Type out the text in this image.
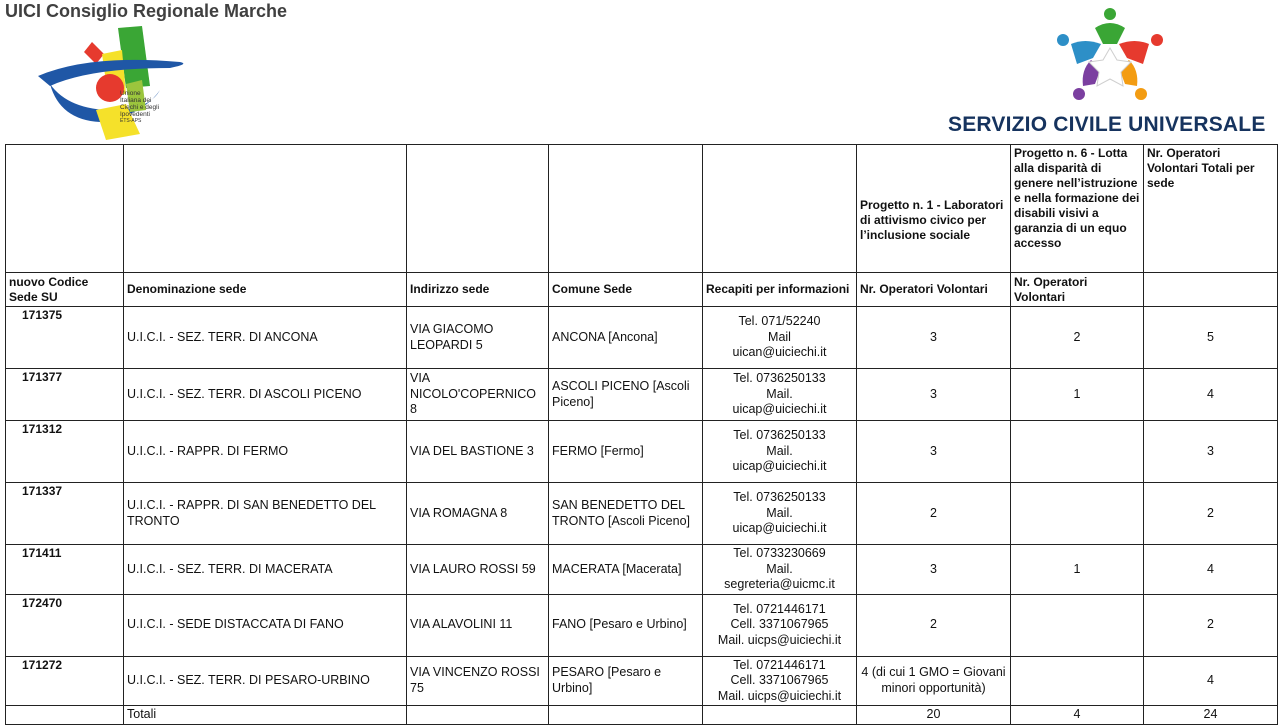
UICI Consiglio Regionale Marche
Unione
Italiana dei
Ciechi e degli
Ipovedenti
ETS-APS	SERVIZIO CIVILE UNIVERSALE
					Progetto n. 1 - Laboratori di attivismo civico per l’inclusione sociale	Progetto n. 6 - Lotta alla disparità di genere nell’istruzione e nella formazione dei disabili visivi a garanzia di un equo accesso	Nr. Operatori Volontari Totali per sede
nuovo Codice Sede SU	Denominazione sede	Indirizzo sede	Comune Sede	Recapiti per informazioni	Nr. Operatori Volontari	Nr. Operatori Volontari	
171375	U.I.C.I. - SEZ. TERR. DI ANCONA	VIA GIACOMO LEOPARDI 5	ANCONA [Ancona]	Tel. 071/52240
Mail
uican@uiciechi.it	3	2	5
171377	U.I.C.I. - SEZ. TERR. DI ASCOLI PICENO	VIA NICOLO'COPERNICO 8	ASCOLI PICENO [Ascoli Piceno]	Tel. 0736250133
Mail.
uicap@uiciechi.it	3	1	4
171312	U.I.C.I. - RAPPR. DI FERMO	VIA DEL BASTIONE 3	FERMO [Fermo]	Tel. 0736250133
Mail.
uicap@uiciechi.it	3		3
171337	U.I.C.I. - RAPPR. DI SAN BENEDETTO DEL TRONTO	VIA ROMAGNA 8	SAN BENEDETTO DEL TRONTO [Ascoli Piceno]	Tel. 0736250133
Mail.
uicap@uiciechi.it	2		2
171411	U.I.C.I. - SEZ. TERR. DI MACERATA	VIA LAURO ROSSI 59	MACERATA [Macerata]	Tel. 0733230669
Mail.
segreteria@uicmc.it	3	1	4
172470	U.I.C.I. - SEDE DISTACCATA DI FANO	VIA ALAVOLINI 11	FANO [Pesaro e Urbino]	Tel. 0721446171
Cell. 3371067965
Mail. uicps@uiciechi.it	2		2
171272	U.I.C.I. - SEZ. TERR. DI PESARO-URBINO	VIA VINCENZO ROSSI 75	PESARO [Pesaro e Urbino]	Tel. 0721446171
Cell. 3371067965
Mail. uicps@uiciechi.it	4 (di cui 1 GMO = Giovani minori opportunità)		4
	Totali				20	4	24
